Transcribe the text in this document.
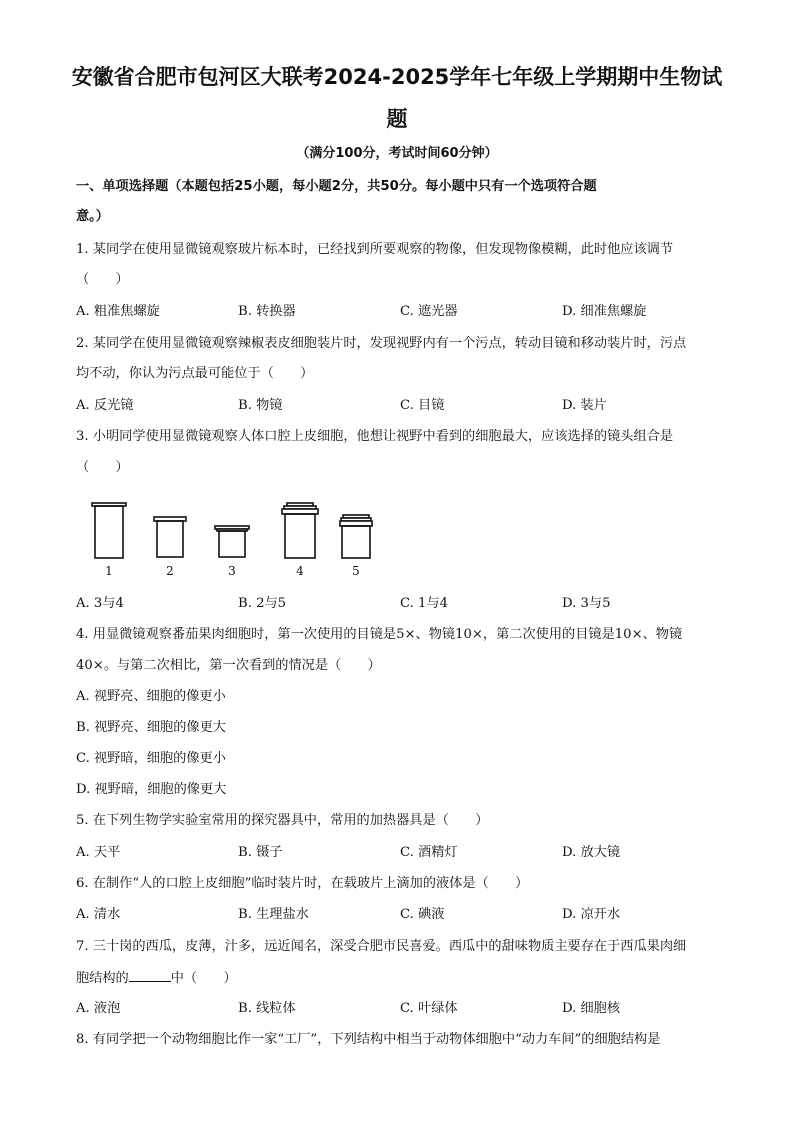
安徽省合肥市包河区大联考2024-2025学年七年级上学期期中生物试
题
（满分100分，考试时间60分钟）
一、单项选择题（本题包括25小题，每小题2分，共50分。每小题中只有一个选项符合题
意。）
1. 某同学在使用显微镜观察玻片标本时，已经找到所要观察的物像，但发现物像模糊，此时他应该调节
（　　）
A. 粗准焦螺旋	B. 转换器	C. 遮光器	D. 细准焦螺旋
2. 某同学在使用显微镜观察辣椒表皮细胞装片时，发现视野内有一个污点，转动目镜和移动装片时，污点
均不动，你认为污点最可能位于（　　）
A. 反光镜	B. 物镜	C. 目镜	D. 装片
3. 小明同学使用显微镜观察人体口腔上皮细胞，他想让视野中看到的细胞最大，应该选择的镜头组合是
（　　）
1	2	3	4	5
A. 3与4	B. 2与5	C. 1与4	D. 3与5
4. 用显微镜观察番茄果肉细胞时，第一次使用的目镜是5×、物镜10×，第二次使用的目镜是10×、物镜
40×。与第二次相比，第一次看到的情况是（　　）
A. 视野亮、细胞的像更小
B. 视野亮、细胞的像更大
C. 视野暗，细胞的像更小
D. 视野暗，细胞的像更大
5. 在下列生物学实验室常用的探究器具中，常用的加热器具是（　　）
A. 天平	B. 镊子	C. 酒精灯	D. 放大镜
6. 在制作“人的口腔上皮细胞”临时装片时，在载玻片上滴加的液体是（　　）
A. 清水	B. 生理盐水	C. 碘液	D. 凉开水
7. 三十岗的西瓜，皮薄，汁多，远近闻名，深受合肥市民喜爱。西瓜中的甜味物质主要存在于西瓜果肉细
胞结构的	中（　　）
A. 液泡	B. 线粒体	C. 叶绿体	D. 细胞核
8. 有同学把一个动物细胞比作一家“工厂”，下列结构中相当于动物体细胞中“动力车间”的细胞结构是
